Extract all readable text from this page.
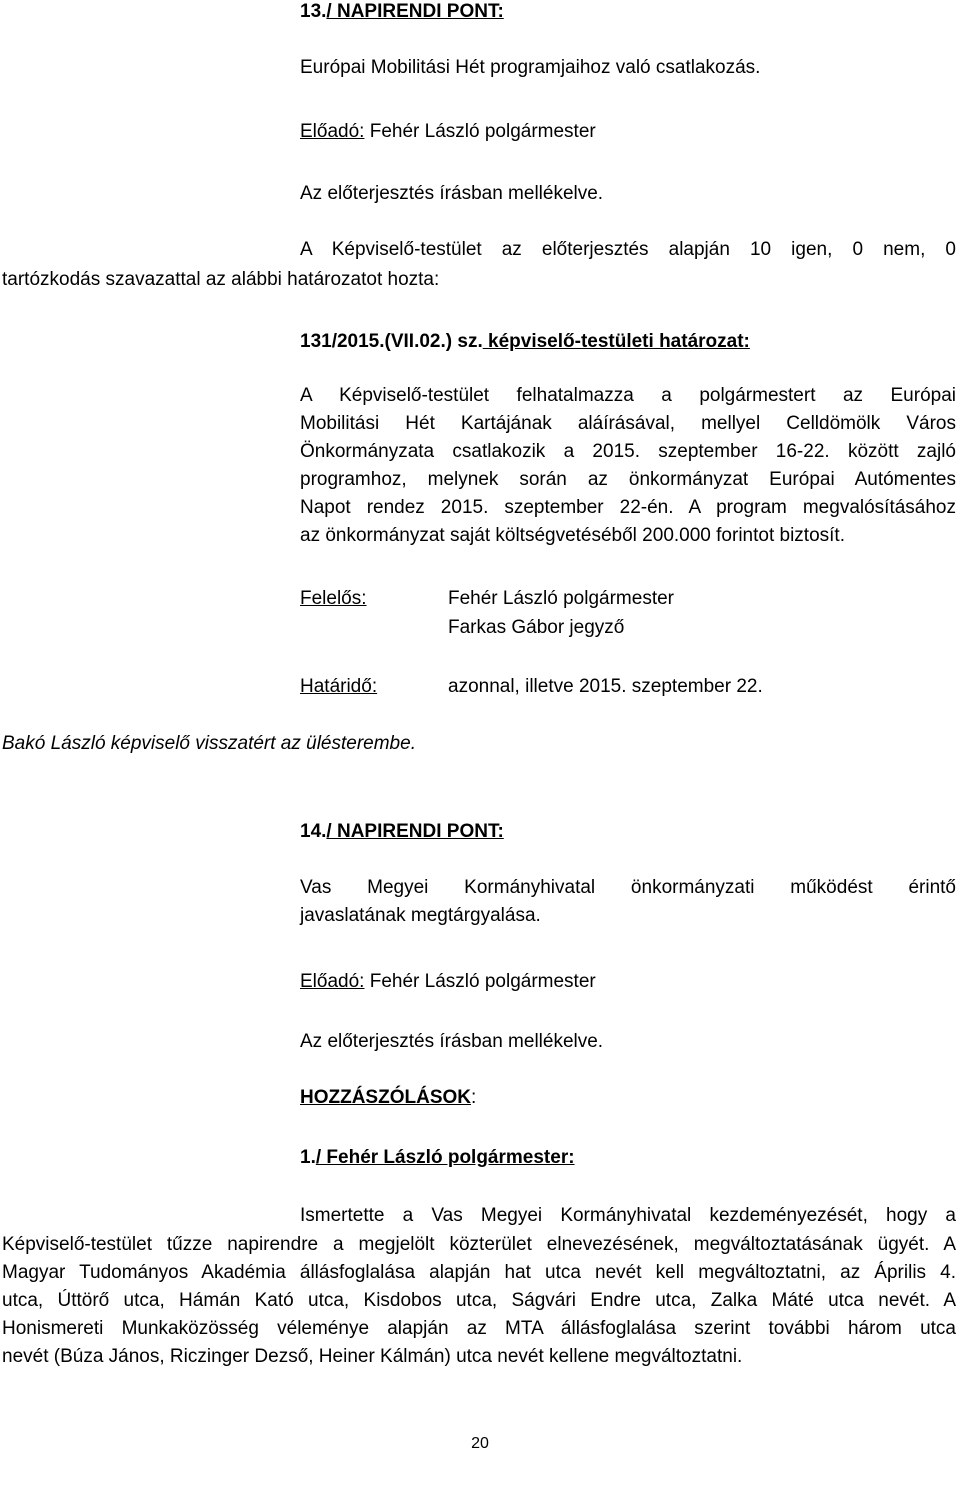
13./ NAPIRENDI PONT:
Európai Mobilitási Hét programjaihoz való csatlakozás.
Előadó: Fehér László polgármester
Az előterjesztés írásban mellékelve.
A Képviselő-testület az előterjesztés alapján 10 igen, 0 nem, 0
tartózkodás szavazattal az alábbi határozatot hozta:
131/2015.(VII.02.) sz. képviselő-testületi határozat:
A Képviselő-testület felhatalmazza a polgármestert az Európai
Mobilitási Hét Kartájának aláírásával, mellyel Celldömölk Város
Önkormányzata csatlakozik a 2015. szeptember 16-22. között zajló
programhoz, melynek során az önkormányzat Európai Autómentes
Napot rendez 2015. szeptember 22-én. A program megvalósításához
az önkormányzat saját költségvetéséből 200.000 forintot biztosít.
Felelős:	Fehér László polgármester
Farkas Gábor jegyző
Határidő:	azonnal, illetve 2015. szeptember 22.
Bakó László képviselő visszatért az ülésterembe.
14./ NAPIRENDI PONT:
Vas Megyei Kormányhivatal önkormányzati működést érintő
javaslatának megtárgyalása.
Előadó: Fehér László polgármester
Az előterjesztés írásban mellékelve.
HOZZÁSZÓLÁSOK:
1./ Fehér László polgármester:
Ismertette a Vas Megyei Kormányhivatal kezdeményezését, hogy a
Képviselő-testület tűzze napirendre a megjelölt közterület elnevezésének, megváltoztatásának ügyét. A
Magyar Tudományos Akadémia állásfoglalása alapján hat utca nevét kell megváltoztatni, az Április 4.
utca, Úttörő utca, Hámán Kató utca, Kisdobos utca, Ságvári Endre utca, Zalka Máté utca nevét. A
Honismereti Munkaközösség véleménye alapján az MTA állásfoglalása szerint további három utca
nevét (Búza János, Riczinger Dezső, Heiner Kálmán) utca nevét kellene megváltoztatni.
20
